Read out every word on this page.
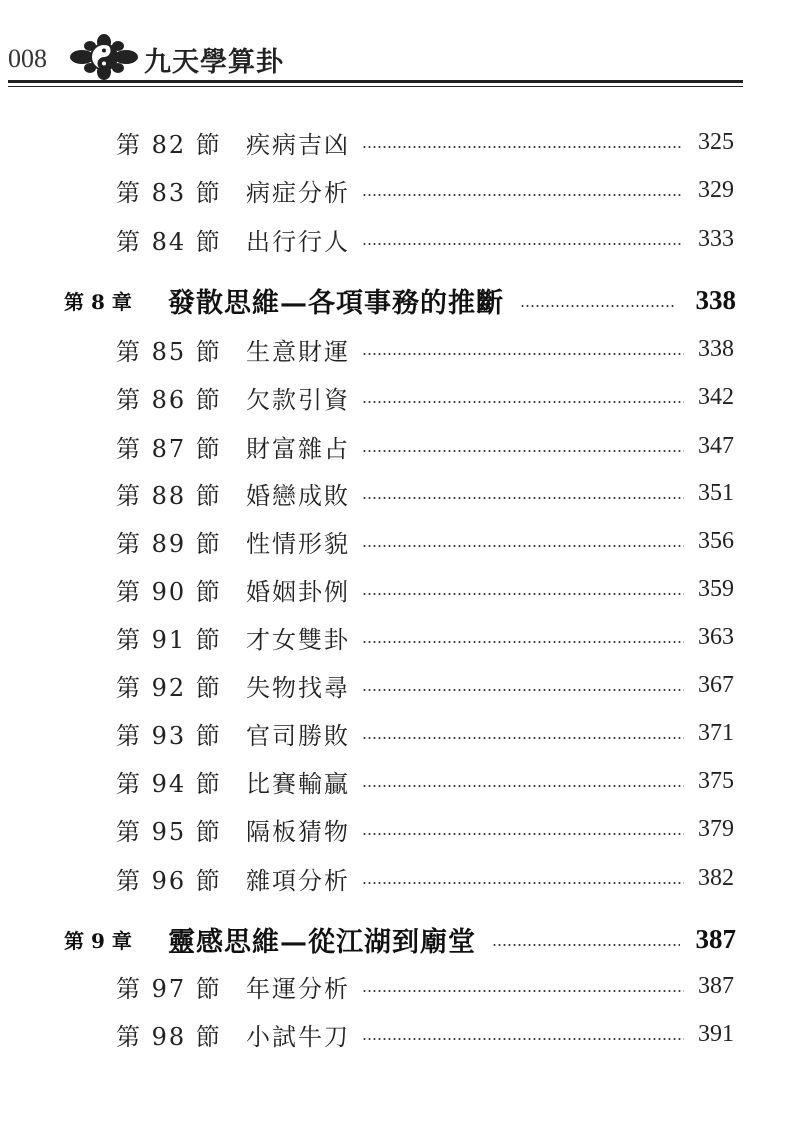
008	九天學算卦
第 82 節 疾病吉凶	325
第 83 節 病症分析	329
第 84 節 出行行人	333
第 8 章 發散思維—各項事務的推斷	338
第 85 節 生意財運	338
第 86 節 欠款引資	342
第 87 節 財富雜占	347
第 88 節 婚戀成敗	351
第 89 節 性情形貌	356
第 90 節 婚姻卦例	359
第 91 節 才女雙卦	363
第 92 節 失物找尋	367
第 93 節 官司勝敗	371
第 94 節 比賽輸贏	375
第 95 節 隔板猜物	379
第 96 節 雜項分析	382
第 9 章 靈感思維—從江湖到廟堂	387
第 97 節 年運分析	387
第 98 節 小試牛刀	391
